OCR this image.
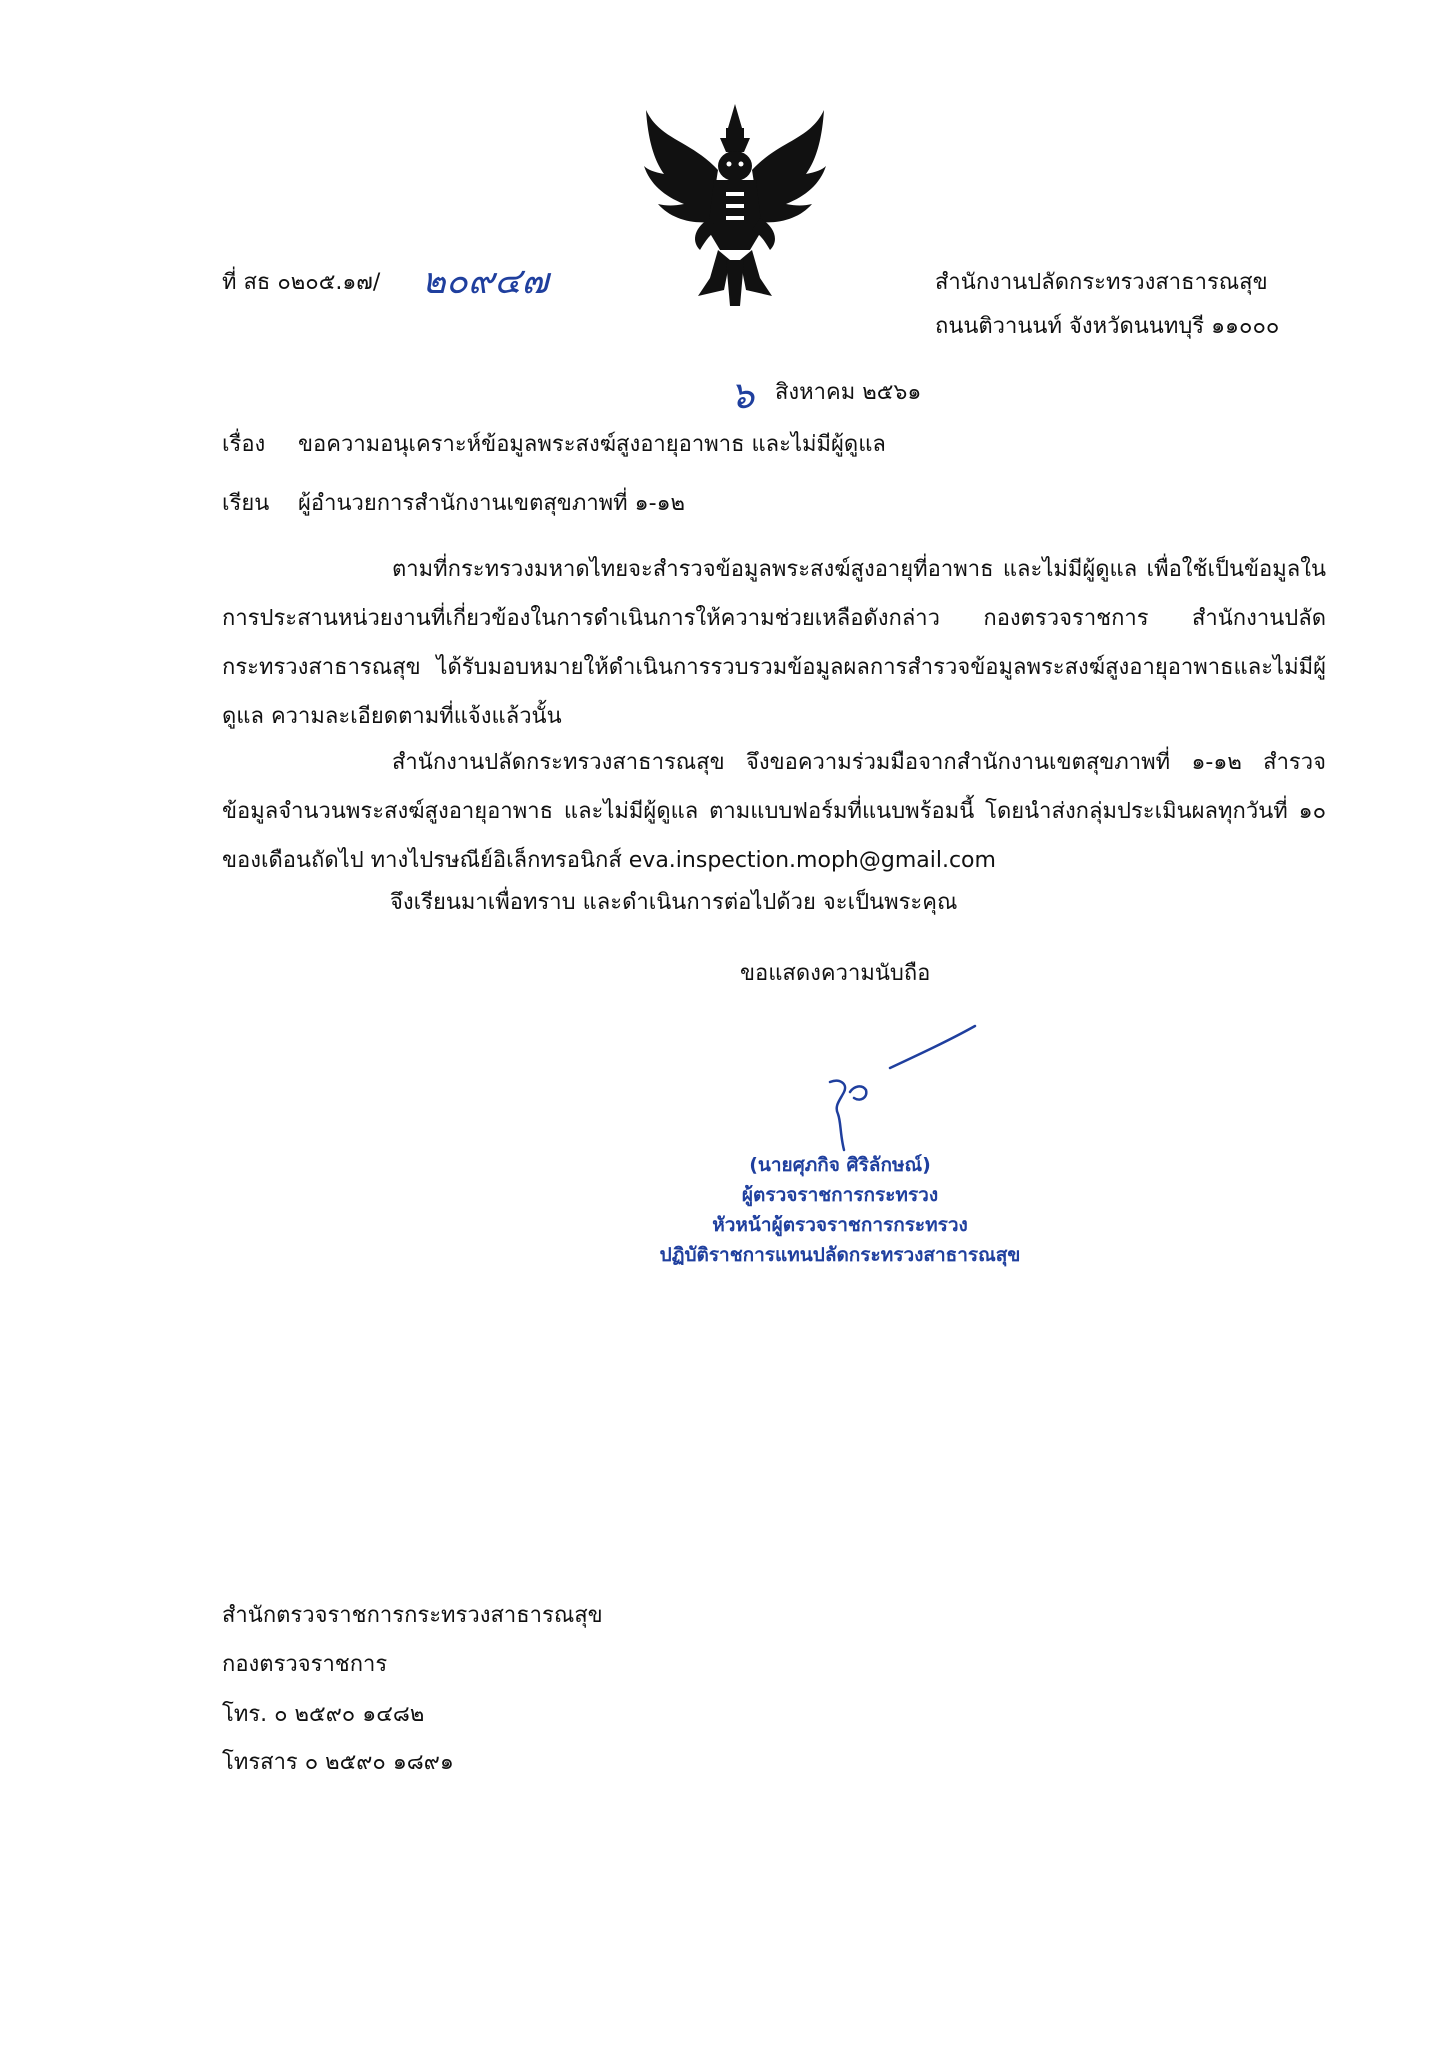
ที่ สธ ๐๒๐๕.๑๗/ ๒๐๙๔๗	สำนักงานปลัดกระทรวงสาธารณสุข
ถนนติวานนท์ จังหวัดนนทบุรี ๑๑๐๐๐
๖ สิงหาคม ๒๕๖๑
เรื่อง ขอความอนุเคราะห์ข้อมูลพระสงฆ์สูงอายุอาพาธ และไม่มีผู้ดูแล
เรียน ผู้อำนวยการสำนักงานเขตสุขภาพที่ ๑-๑๒
ตามที่กระทรวงมหาดไทยจะสำรวจข้อมูลพระสงฆ์สูงอายุที่อาพาธ และไม่มีผู้ดูแล เพื่อใช้เป็นข้อมูลในการประสานหน่วยงานที่เกี่ยวข้องในการดำเนินการให้ความช่วยเหลือดังกล่าว กองตรวจราชการ สำนักงานปลัดกระทรวงสาธารณสุข ได้รับมอบหมายให้ดำเนินการรวบรวมข้อมูลผลการสำรวจข้อมูลพระสงฆ์สูงอายุอาพาธและไม่มีผู้ดูแล ความละเอียดตามที่แจ้งแล้วนั้น
สำนักงานปลัดกระทรวงสาธารณสุข จึงขอความร่วมมือจากสำนักงานเขตสุขภาพที่ ๑-๑๒ สำรวจข้อมูลจำนวนพระสงฆ์สูงอายุอาพาธ และไม่มีผู้ดูแล ตามแบบฟอร์มที่แนบพร้อมนี้ โดยนำส่งกลุ่มประเมินผลทุกวันที่ ๑๐ ของเดือนถัดไป ทางไปรษณีย์อิเล็กทรอนิกส์ eva.inspection.moph@gmail.com
จึงเรียนมาเพื่อทราบ และดำเนินการต่อไปด้วย จะเป็นพระคุณ
ขอแสดงความนับถือ
(นายศุภกิจ ศิริลักษณ์)
ผู้ตรวจราชการกระทรวง
หัวหน้าผู้ตรวจราชการกระทรวง
ปฏิบัติราชการแทนปลัดกระทรวงสาธารณสุข
สำนักตรวจราชการกระทรวงสาธารณสุข
กองตรวจราชการ
โทร. ๐ ๒๕๙๐ ๑๔๘๒
โทรสาร ๐ ๒๕๙๐ ๑๘๙๑
